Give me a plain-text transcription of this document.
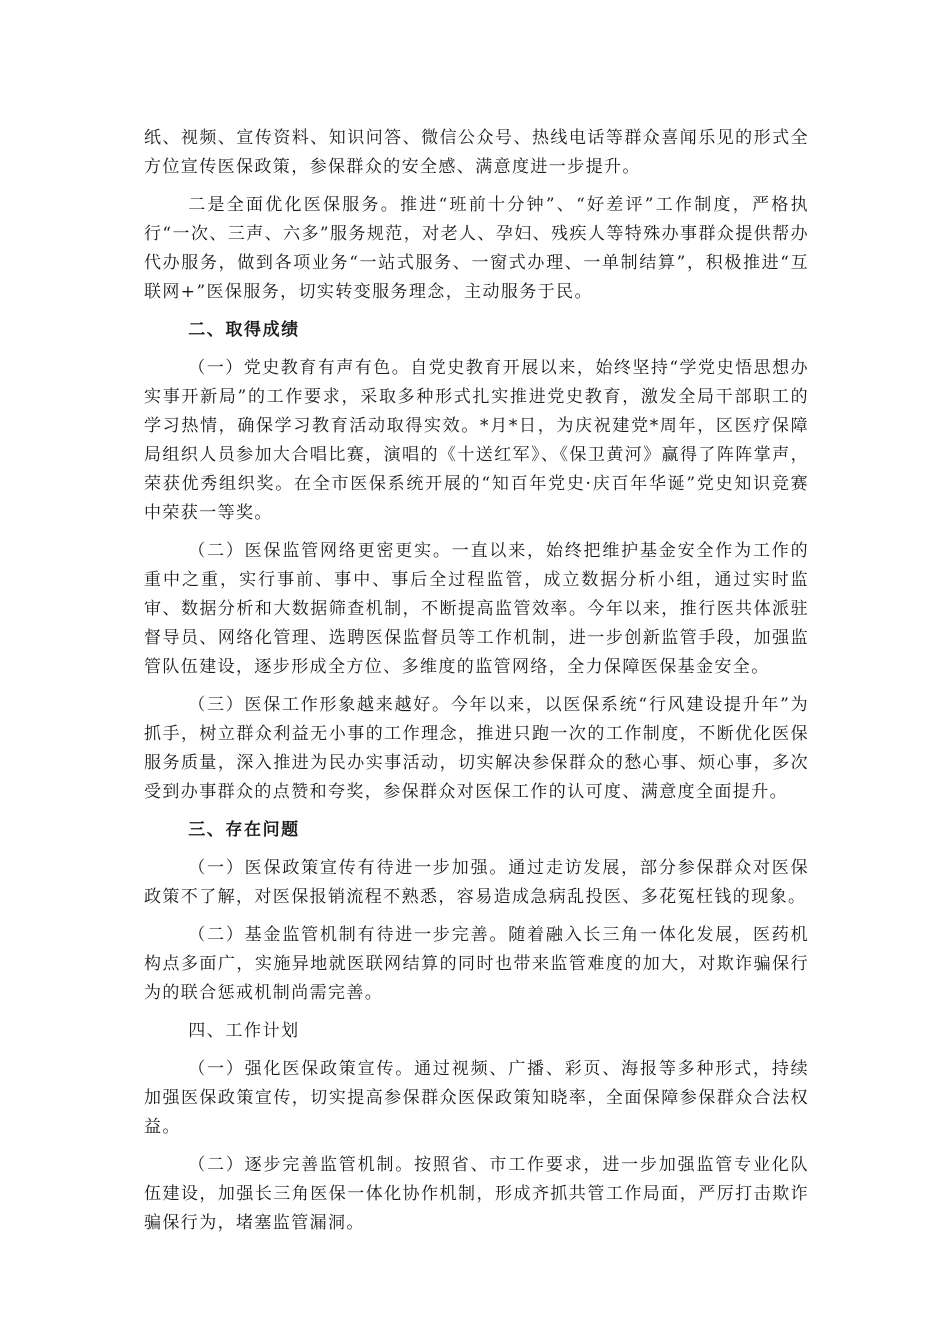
纸、视频、宣传资料、知识问答、微信公众号、热线电话等群众喜闻乐见的形式全方位宣传医保政策，参保群众的安全感、满意度进一步提升。

二是全面优化医保服务。推进“班前十分钟”、“好差评”工作制度，严格执行“一次、三声、六多”服务规范，对老人、孕妇、残疾人等特殊办事群众提供帮办代办服务，做到各项业务“一站式服务、一窗式办理、一单制结算”，积极推进“互联网+”医保服务，切实转变服务理念，主动服务于民。

二、取得成绩

（一）党史教育有声有色。自党史教育开展以来，始终坚持“学党史悟思想办实事开新局”的工作要求，采取多种形式扎实推进党史教育，激发全局干部职工的学习热情，确保学习教育活动取得实效。*月*日，为庆祝建党*周年，区医疗保障局组织人员参加大合唱比赛，演唱的《十送红军》、《保卫黄河》赢得了阵阵掌声，荣获优秀组织奖。在全市医保系统开展的“知百年党史·庆百年华诞”党史知识竞赛中荣获一等奖。

（二）医保监管网络更密更实。一直以来，始终把维护基金安全作为工作的重中之重，实行事前、事中、事后全过程监管，成立数据分析小组，通过实时监审、数据分析和大数据筛查机制，不断提高监管效率。今年以来，推行医共体派驻督导员、网络化管理、选聘医保监督员等工作机制，进一步创新监管手段，加强监管队伍建设，逐步形成全方位、多维度的监管网络，全力保障医保基金安全。

（三）医保工作形象越来越好。今年以来，以医保系统“行风建设提升年”为抓手，树立群众利益无小事的工作理念，推进只跑一次的工作制度，不断优化医保服务质量，深入推进为民办实事活动，切实解决参保群众的愁心事、烦心事，多次受到办事群众的点赞和夸奖，参保群众对医保工作的认可度、满意度全面提升。

三、存在问题

（一）医保政策宣传有待进一步加强。通过走访发展，部分参保群众对医保政策不了解，对医保报销流程不熟悉，容易造成急病乱投医、多花冤枉钱的现象。

（二）基金监管机制有待进一步完善。随着融入长三角一体化发展，医药机构点多面广，实施异地就医联网结算的同时也带来监管难度的加大，对欺诈骗保行为的联合惩戒机制尚需完善。

四、工作计划

（一）强化医保政策宣传。通过视频、广播、彩页、海报等多种形式，持续加强医保政策宣传，切实提高参保群众医保政策知晓率，全面保障参保群众合法权益。

（二）逐步完善监管机制。按照省、市工作要求，进一步加强监管专业化队伍建设，加强长三角医保一体化协作机制，形成齐抓共管工作局面，严厉打击欺诈骗保行为，堵塞监管漏洞。
